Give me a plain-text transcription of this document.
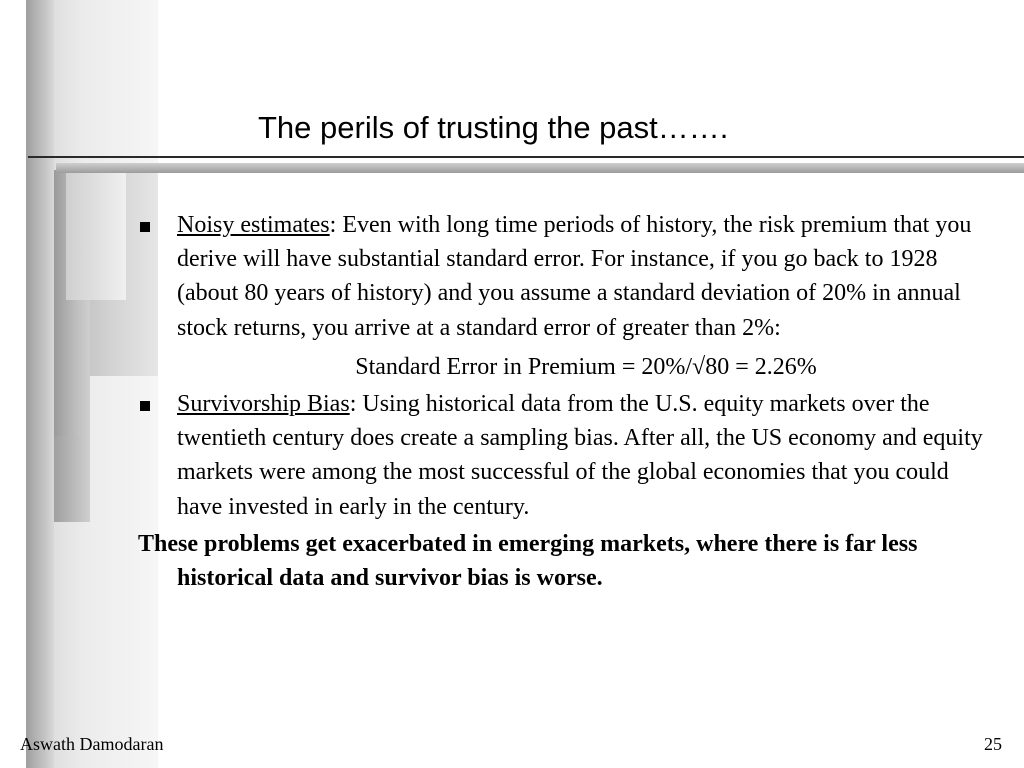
The perils of trusting the past…….
Noisy estimates: Even with long time periods of history, the risk premium that you derive will have substantial standard error. For instance, if you go back to 1928 (about 80 years of history) and you assume a standard deviation of 20% in annual stock returns, you arrive at a standard error of greater than 2%:
Standard Error in Premium = 20%/√80 = 2.26%
Survivorship Bias: Using historical data from the U.S. equity markets over the twentieth century does create a sampling bias. After all, the US economy and equity markets were among the most successful of the global economies that you could have invested in early in the century.
These problems get exacerbated in emerging markets, where there is far less historical data and survivor bias is worse.
Aswath Damodaran	25
